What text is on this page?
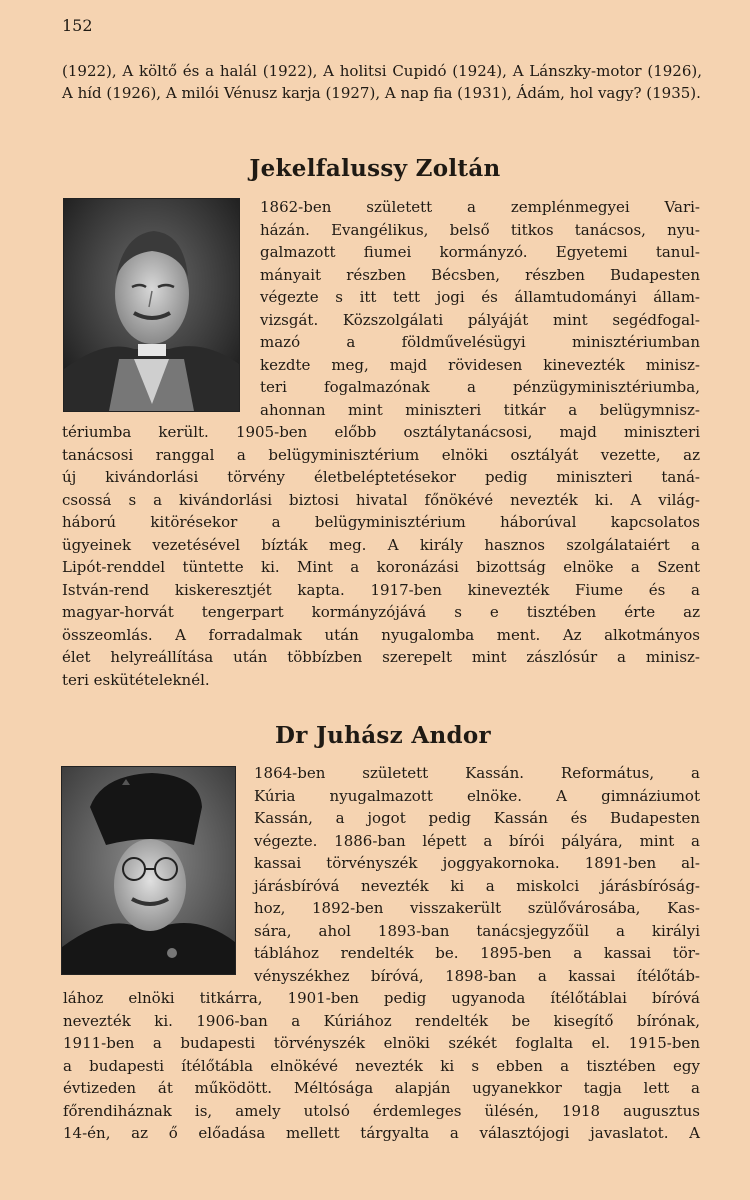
152

(1922), A költő és a halál (1922), A holitsi Cupidó (1924), A Lánszky-motor (1926), A híd (1926), A milói Vénusz karja (1927), A nap fia (1931), Ádám, hol vagy? (1935).

Jekelfalussy Zoltán
1862-ben született a zemplénmegyei Vari-
házán. Evangélikus, belső titkos tanácsos, nyu-
galmazott fiumei kormányzó. Egyetemi tanul-
mányait részben Bécsben, részben Budapesten
végezte s itt tett jogi és államtudományi állam-
vizsgát. Közszolgálati pályáját mint segédfogal-
mazó a földművelésügyi minisztériumban
kezdte meg, majd rövidesen kinevezték minisz-
teri fogalmazónak a pénzügyminisztériumba,
ahonnan mint miniszteri titkár a belügymnisz-
tériumba került. 1905-ben előbb osztálytanácsosi, majd miniszteri
tanácsosi ranggal a belügyminisztérium elnöki osztályát vezette, az
új kivándorlási törvény életbeléptetésekor pedig miniszteri taná-
csossá s a kivándorlási biztosi hivatal főnökévé nevezték ki. A világ-
háború kitörésekor a belügyminisztérium háborúval kapcsolatos
ügyeinek vezetésével bízták meg. A király hasznos szolgálataiért a
Lipót-renddel tüntette ki. Mint a koronázási bizottság elnöke a Szent
István-rend kiskeresztjét kapta. 1917-ben kinevezték Fiume és a
magyar-horvát tengerpart kormányzójává s e tisztében érte az
összeomlás. A forradalmak után nyugalomba ment. Az alkotmányos
élet helyreállítása után többízben szerepelt mint zászlósúr a minisz-
teri eskütételeknél.
Dr Juhász Andor
1864-ben született Kassán. Református, a
Kúria nyugalmazott elnöke. A gimnáziumot
Kassán, a jogot pedig Kassán és Budapesten
végezte. 1886-ban lépett a bírói pályára, mint a
kassai törvényszék joggyakornoka. 1891-ben al-
járásbíróvá nevezték ki a miskolci járásbíróság-
hoz, 1892-ben visszakerült szülővárosába, Kas-
sára, ahol 1893-ban tanácsjegyzőül a királyi
táblához rendelték be. 1895-ben a kassai tör-
vényszékhez bíróvá, 1898-ban a kassai ítélőtáb-
lához elnöki titkárra, 1901-ben pedig ugyanoda ítélőtáblai bíróvá
nevezték ki. 1906-ban a Kúriához rendelték be kisegítő bírónak,
1911-ben a budapesti törvényszék elnöki székét foglalta el. 1915-ben
a budapesti ítélőtábla elnökévé nevezték ki s ebben a tisztében egy
évtizeden át működött. Méltósága alapján ugyanekkor tagja lett a
főrendiháznak is, amely utolsó érdemleges ülésén, 1918 augusztus
14-én, az ő előadása mellett tárgyalta a választójogi javaslatot. A
